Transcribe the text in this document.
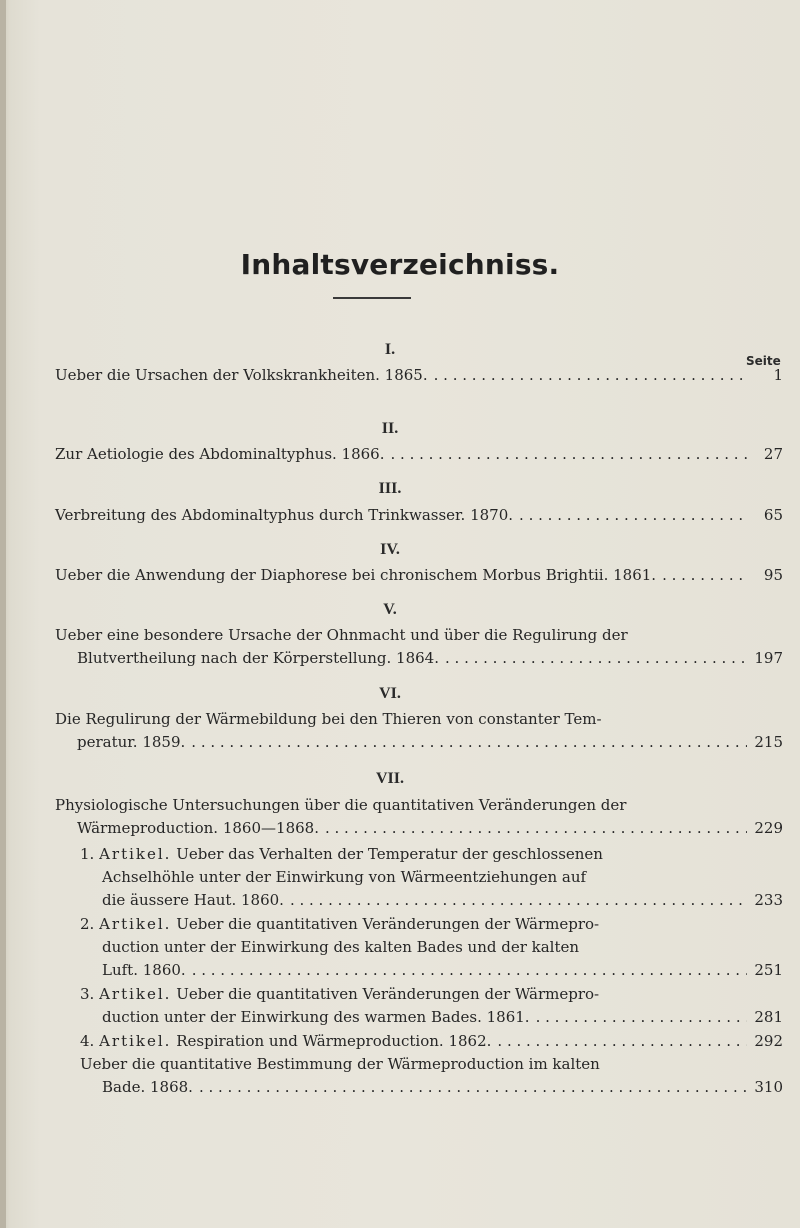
Inhaltsverzeichniss.
Seite
I.
Ueber die Ursachen der Volkskrankheiten. 1865. . . .	1
II.
Zur Aetiologie des Abdominaltyphus. 1866. . . .	27
III.
Verbreitung des Abdominaltyphus durch Trinkwasser. 1870. . . .	65
IV.
Ueber die Anwendung der Diaphorese bei chronischem Morbus Brightii. 1861. . . .	95
V.
Ueber eine besondere Ursache der Ohnmacht und über die Regulirung der
Blutvertheilung nach der Körperstellung. 1864. . . .	197
VI.
Die Regulirung der Wärmebildung bei den Thieren von constanter Tem-
peratur. 1859. . . .	215
VII.
Physiologische Untersuchungen über die quantitativen Veränderungen der
Wärmeproduction. 1860—1868. . . .	229
1.
Artikel.
Ueber das Verhalten der Temperatur der geschlossenen
Achselhöhle unter der Einwirkung von Wärmeentziehungen auf
die äussere Haut. 1860. . . .	233
2.
Artikel.
Ueber die quantitativen Veränderungen der Wärmepro-
duction unter der Einwirkung des kalten Bades und der kalten
Luft. 1860. . . .	251
3.
Artikel.
Ueber die quantitativen Veränderungen der Wärmepro-
duction unter der Einwirkung des warmen Bades. 1861. . . .	281
4.
Artikel.
Respiration und Wärmeproduction. 1862. . . .	292
Ueber die quantitative Bestimmung der Wärmeproduction im kalten
Bade. 1868. . . .	310
